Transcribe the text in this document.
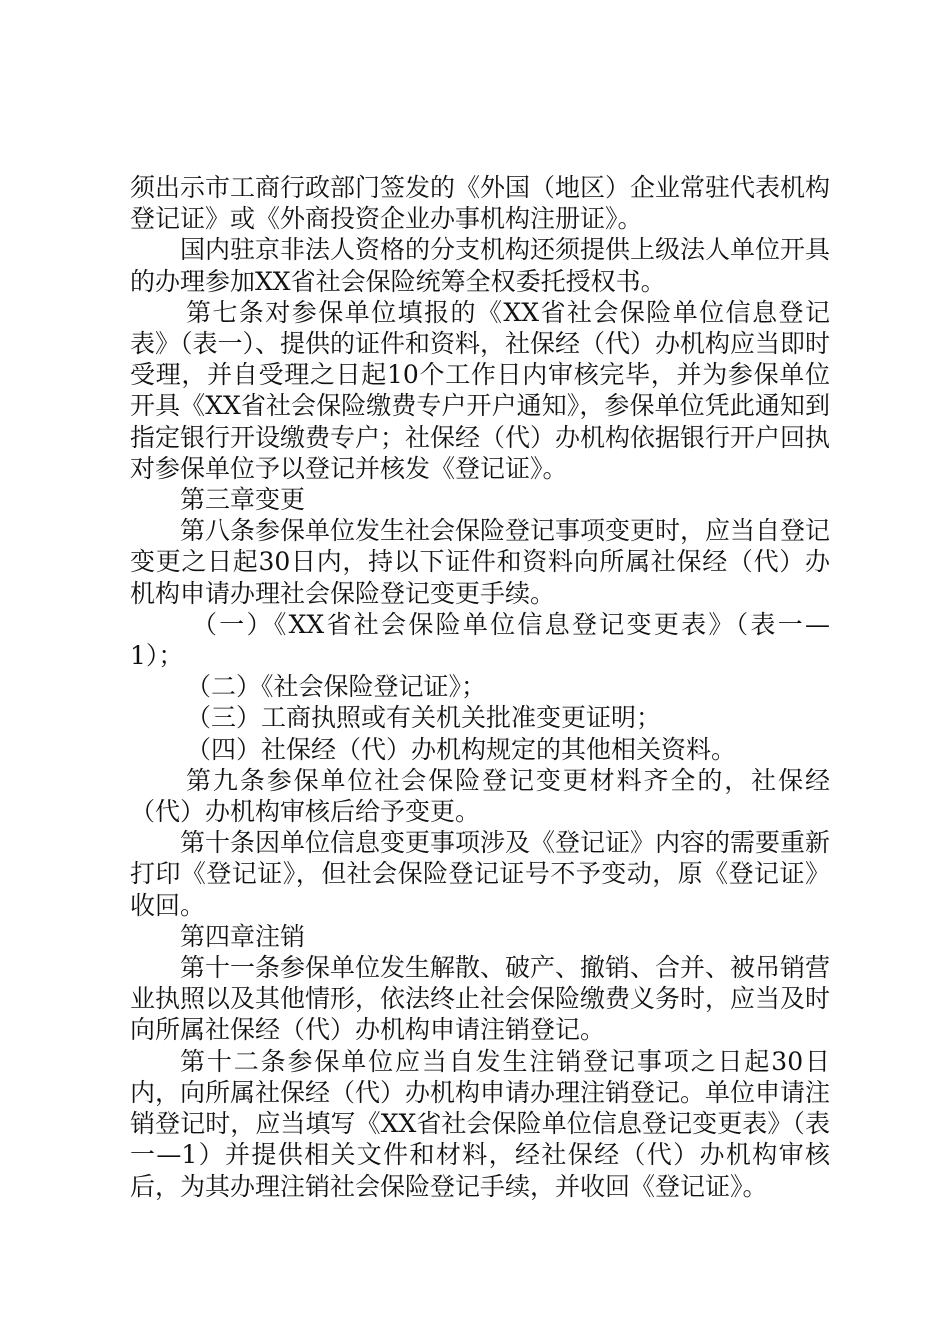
须出示市工商行政部门签发的《外国（地区）企业常驻代表机构登记证》或《外商投资企业办事机构注册证》。

国内驻京非法人资格的分支机构还须提供上级法人单位开具的办理参加XX省社会保险统筹全权委托授权书。

第七条对参保单位填报的《XX省社会保险单位信息登记表》（表一）、提供的证件和资料，社保经（代）办机构应当即时受理，并自受理之日起10个工作日内审核完毕，并为参保单位开具《XX省社会保险缴费专户开户通知》，参保单位凭此通知到指定银行开设缴费专户；社保经（代）办机构依据银行开户回执对参保单位予以登记并核发《登记证》。

第三章变更

第八条参保单位发生社会保险登记事项变更时，应当自登记变更之日起30日内，持以下证件和资料向所属社保经（代）办机构申请办理社会保险登记变更手续。

（一）《XX省社会保险单位信息登记变更表》（表一—1）；

（二）《社会保险登记证》；

（三）工商执照或有关机关批准变更证明；

（四）社保经（代）办机构规定的其他相关资料。

第九条参保单位社会保险登记变更材料齐全的，社保经（代）办机构审核后给予变更。

第十条因单位信息变更事项涉及《登记证》内容的需要重新打印《登记证》，但社会保险登记证号不予变动，原《登记证》收回。

第四章注销

第十一条参保单位发生解散、破产、撤销、合并、被吊销营业执照以及其他情形，依法终止社会保险缴费义务时，应当及时向所属社保经（代）办机构申请注销登记。

第十二条参保单位应当自发生注销登记事项之日起30日内，向所属社保经（代）办机构申请办理注销登记。单位申请注销登记时，应当填写《XX省社会保险单位信息登记变更表》（表一—1）并提供相关文件和材料，经社保经（代）办机构审核后，为其办理注销社会保险登记手续，并收回《登记证》。
